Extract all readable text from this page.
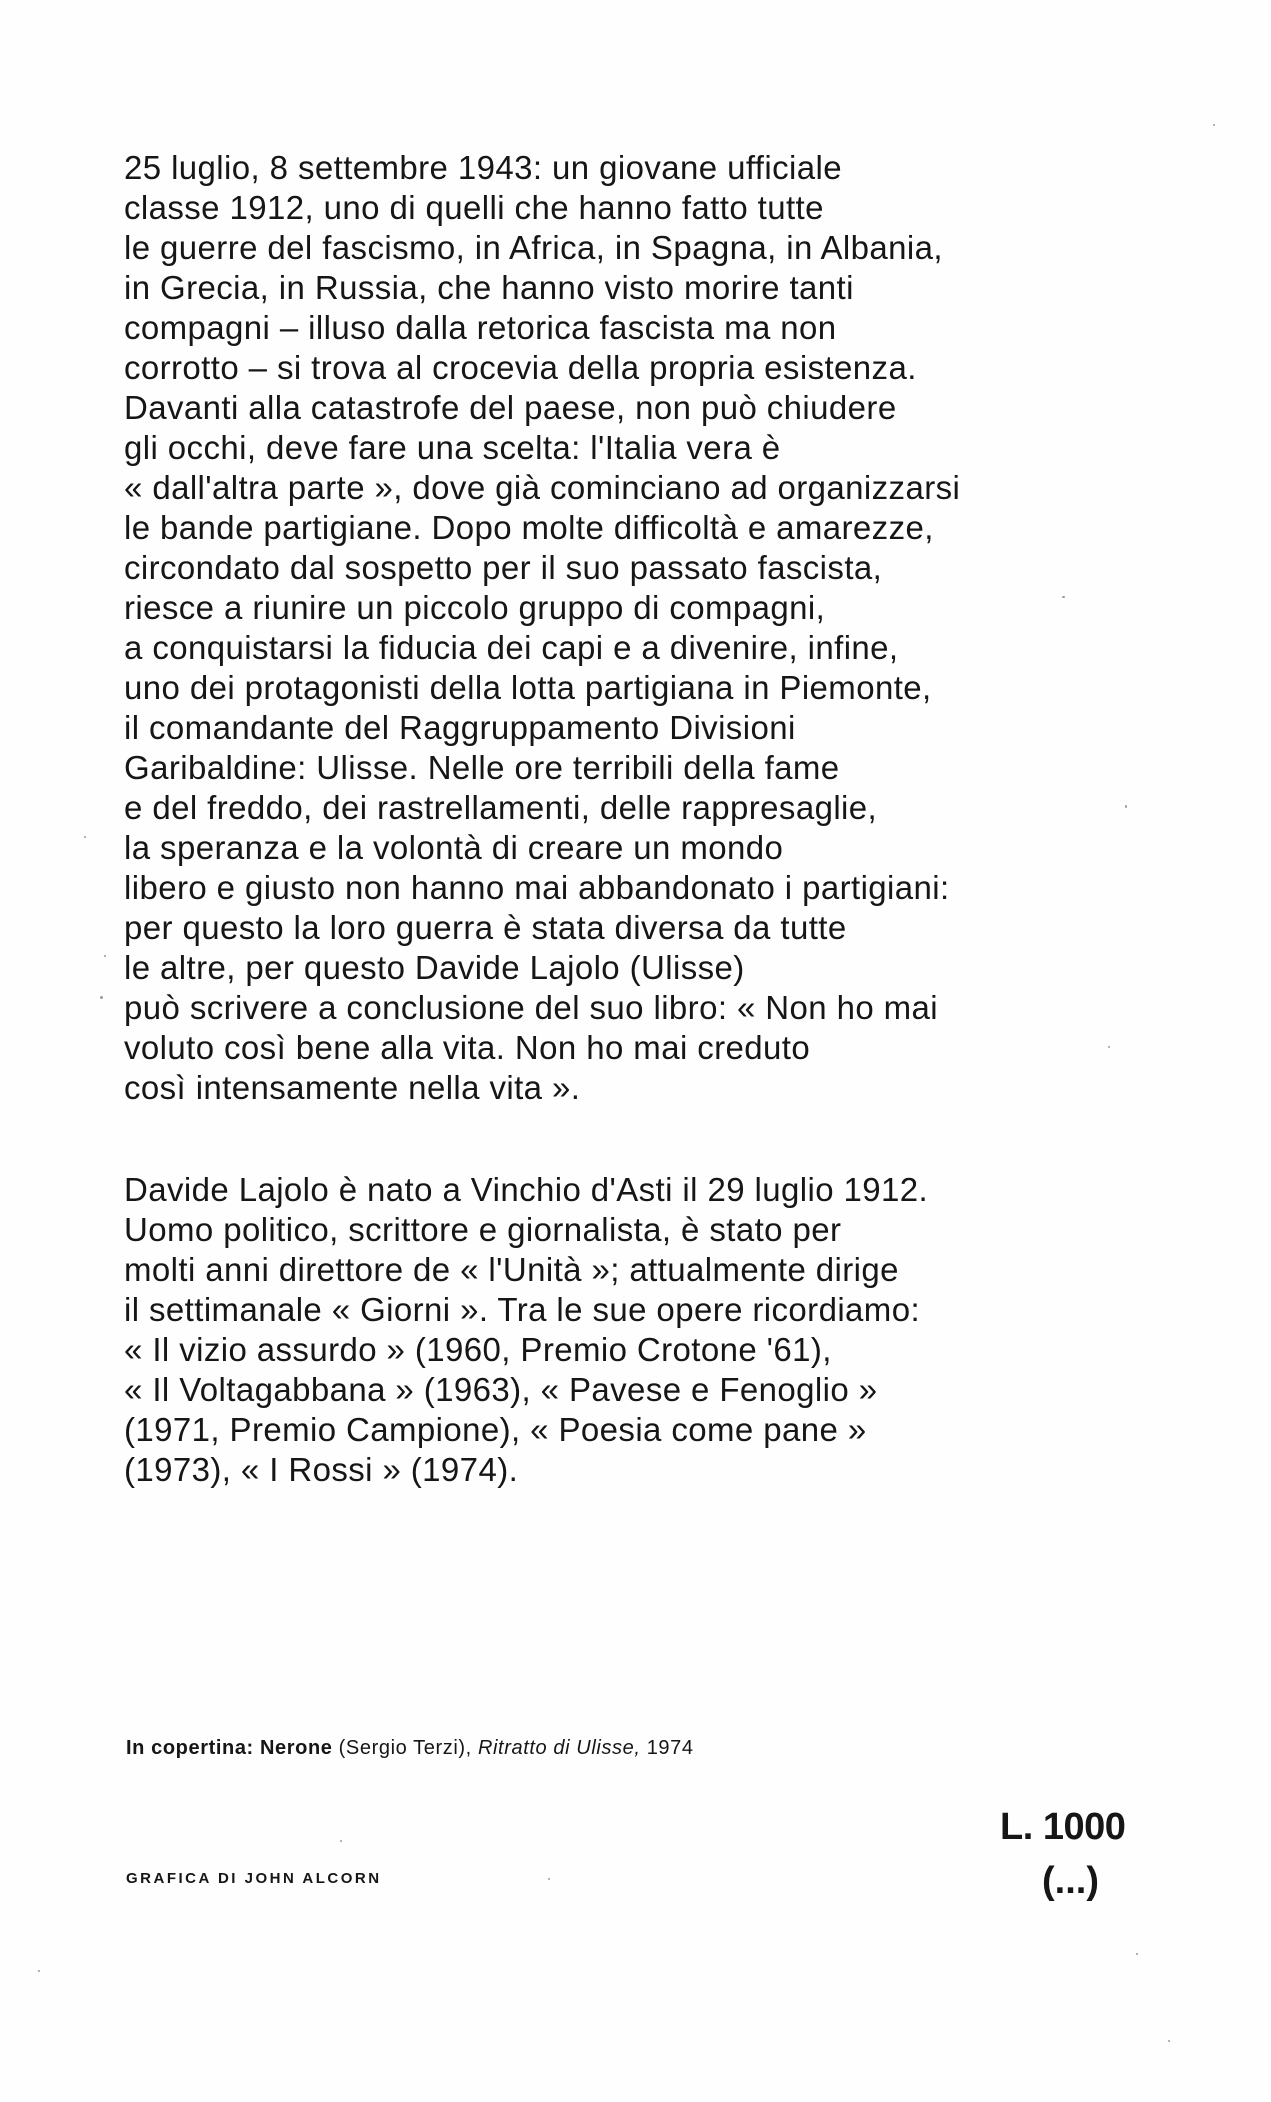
25 luglio, 8 settembre 1943: un giovane ufficiale
classe 1912, uno di quelli che hanno fatto tutte
le guerre del fascismo, in Africa, in Spagna, in Albania,
in Grecia, in Russia, che hanno visto morire tanti
compagni – illuso dalla retorica fascista ma non
corrotto – si trova al crocevia della propria esistenza.
Davanti alla catastrofe del paese, non può chiudere
gli occhi, deve fare una scelta: l'Italia vera è
« dall'altra parte », dove già cominciano ad organizzarsi
le bande partigiane. Dopo molte difficoltà e amarezze,
circondato dal sospetto per il suo passato fascista,
riesce a riunire un piccolo gruppo di compagni,
a conquistarsi la fiducia dei capi e a divenire, infine,
uno dei protagonisti della lotta partigiana in Piemonte,
il comandante del Raggruppamento Divisioni
Garibaldine: Ulisse. Nelle ore terribili della fame
e del freddo, dei rastrellamenti, delle rappresaglie,
la speranza e la volontà di creare un mondo
libero e giusto non hanno mai abbandonato i partigiani:
per questo la loro guerra è stata diversa da tutte
le altre, per questo Davide Lajolo (Ulisse)
può scrivere a conclusione del suo libro: « Non ho mai
voluto così bene alla vita. Non ho mai creduto
così intensamente nella vita ».
Davide Lajolo è nato a Vinchio d'Asti il 29 luglio 1912.
Uomo politico, scrittore e giornalista, è stato per
molti anni direttore de « l'Unità »; attualmente dirige
il settimanale « Giorni ». Tra le sue opere ricordiamo:
« Il vizio assurdo » (1960, Premio Crotone '61),
« Il Voltagabbana » (1963), « Pavese e Fenoglio »
(1971, Premio Campione), « Poesia come pane »
(1973), « I Rossi » (1974).
In copertina: Nerone (Sergio Terzi), Ritratto di Ulisse, 1974
GRAFICA DI JOHN ALCORN
L. 1000
(...)
